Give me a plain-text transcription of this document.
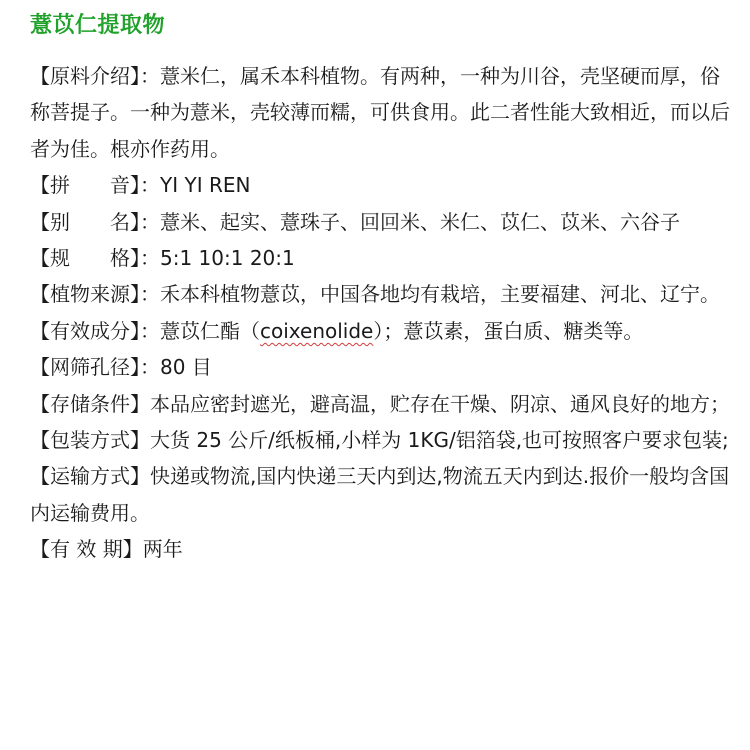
薏苡仁提取物

【原料介绍】：薏米仁，属禾本科植物。有两种，一种为川谷，壳坚硬而厚，俗称菩提子。一种为薏米，壳较薄而糯，可供食用。此二者性能大致相近，而以后者为佳。根亦作药用。

【拼　　音】：YI YI REN

【别　　名】：薏米、起实、薏珠子、回回米、米仁、苡仁、苡米、六谷子

【规　　格】：5:1 10:1 20:1

【植物来源】：禾本科植物薏苡，中国各地均有栽培，主要福建、河北、辽宁。

【有效成分】：薏苡仁酯（coixenolide）；薏苡素，蛋白质、糖类等。

【网筛孔径】：80 目

【存储条件】本品应密封遮光，避高温，贮存在干燥、阴凉、通风良好的地方；

【包装方式】大货 25 公斤/纸板桶,小样为 1KG/铝箔袋,也可按照客户要求包装;

【运输方式】快递或物流,国内快递三天内到达,物流五天内到达.报价一般均含国内运输费用。

【有 效 期】两年
